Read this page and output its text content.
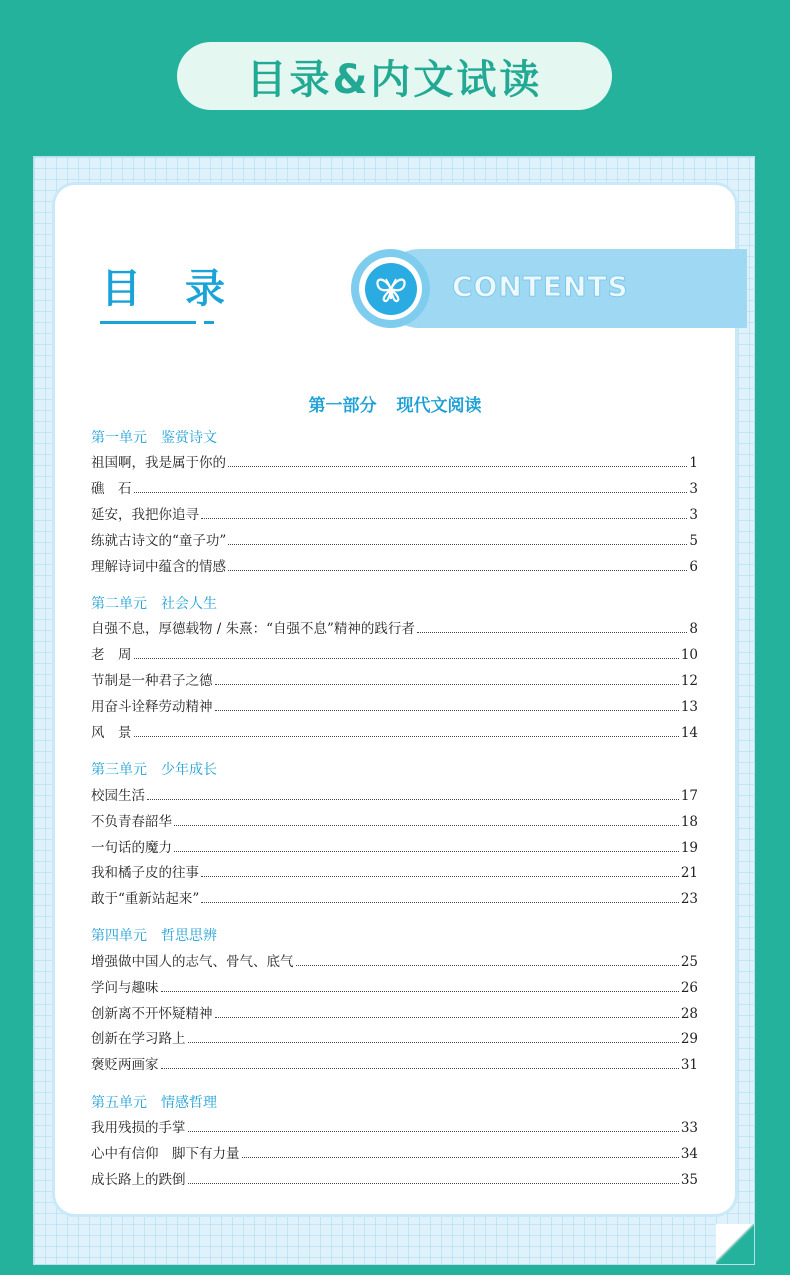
目录&内文试读
目 录	CONTENTS
第一部分 现代文阅读
第一单元 鉴赏诗文
祖国啊，我是属于你的	1
礁　石	3
延安，我把你追寻	3
练就古诗文的“童子功”	5
理解诗词中蕴含的情感	6
第二单元 社会人生
自强不息，厚德载物 / 朱熹：“自强不息”精神的践行者	8
老　周	10
节制是一种君子之德	12
用奋斗诠释劳动精神	13
风　景	14
第三单元 少年成长
校园生活	17
不负青春韶华	18
一句话的魔力	19
我和橘子皮的往事	21
敢于“重新站起来”	23
第四单元 哲思思辨
增强做中国人的志气、骨气、底气	25
学问与趣味	26
创新离不开怀疑精神	28
创新在学习路上	29
褒贬两画家	31
第五单元 情感哲理
我用残损的手掌	33
心中有信仰　脚下有力量	34
成长路上的跌倒	35
